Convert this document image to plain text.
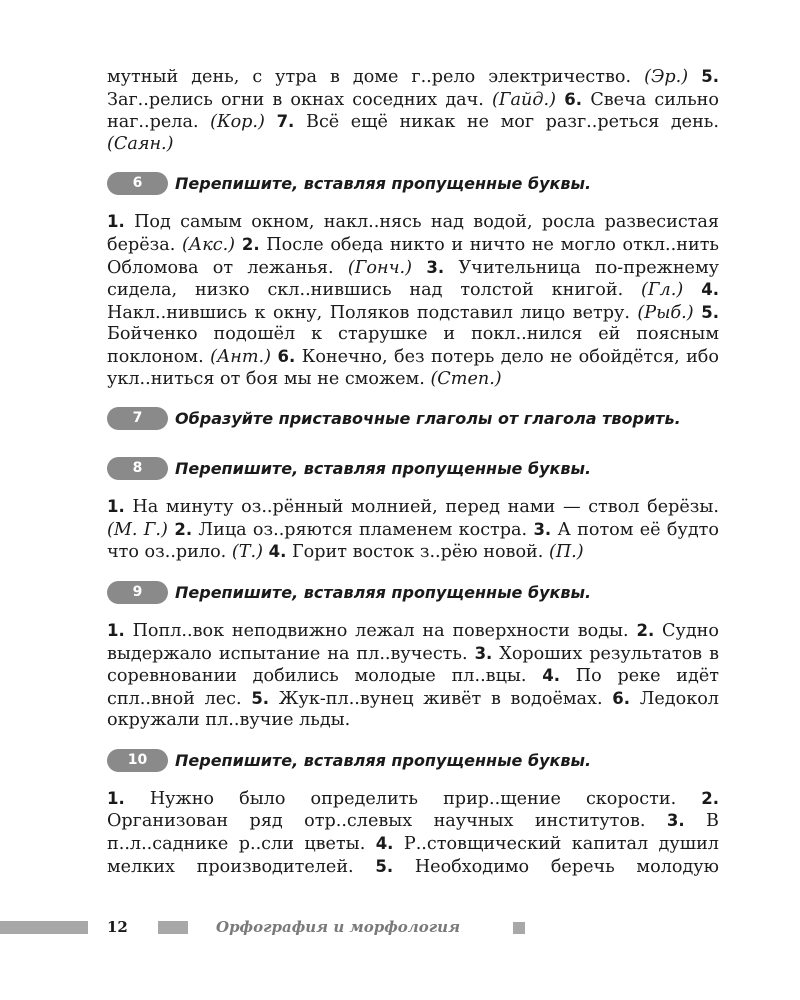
мутный день, с утра в доме г..рело электричество. (Эр.) 5. Заг..релись огни в окнах соседних дач. (Гайд.) 6. Свеча сильно наг..рела. (Кор.) 7. Всё ещё никак не мог разг..реться день. (Саян.)

6	Перепишите, вставляя пропущенные буквы.

1. Под самым окном, накл..нясь над водой, росла развесистая берёза. (Акс.) 2. После обеда никто и ничто не могло откл..нить Обломова от лежанья. (Гонч.) 3. Учительница по-прежнему сидела, низко скл..нившись над толстой книгой. (Гл.) 4. Накл..нившись к окну, Поляков подставил лицо ветру. (Рыб.) 5. Бойченко подошёл к старушке и покл..нился ей поясным поклоном. (Ант.) 6. Конечно, без потерь дело не обойдётся, ибо укл..ниться от боя мы не сможем. (Степ.)

7	Образуйте приставочные глаголы от глагола творить.
8	Перепишите, вставляя пропущенные буквы.

1. На минуту оз..рённый молнией, перед нами — ствол берёзы. (М. Г.) 2. Лица оз..ряются пламенем костра. 3. А потом её будто что оз..рило. (Т.) 4. Горит восток з..рёю новой. (П.)

9	Перепишите, вставляя пропущенные буквы.

1. Попл..вок неподвижно лежал на поверхности воды. 2. Судно выдержало испытание на пл..вучесть. 3. Хороших результатов в соревновании добились молодые пл..вцы. 4. По реке идёт спл..вной лес. 5. Жук-пл..вунец живёт в водоёмах. 6. Ледокол окружали пл..вучие льды.

10	Перепишите, вставляя пропущенные буквы.

1. Нужно было определить прир..щение скорости. 2. Организован ряд отр..слевых научных институтов. 3. В п..л..саднике р..сли цветы. 4. Р..стовщический капитал душил мелких производителей. 5. Необходимо беречь молодую

12	Орфография и морфология
